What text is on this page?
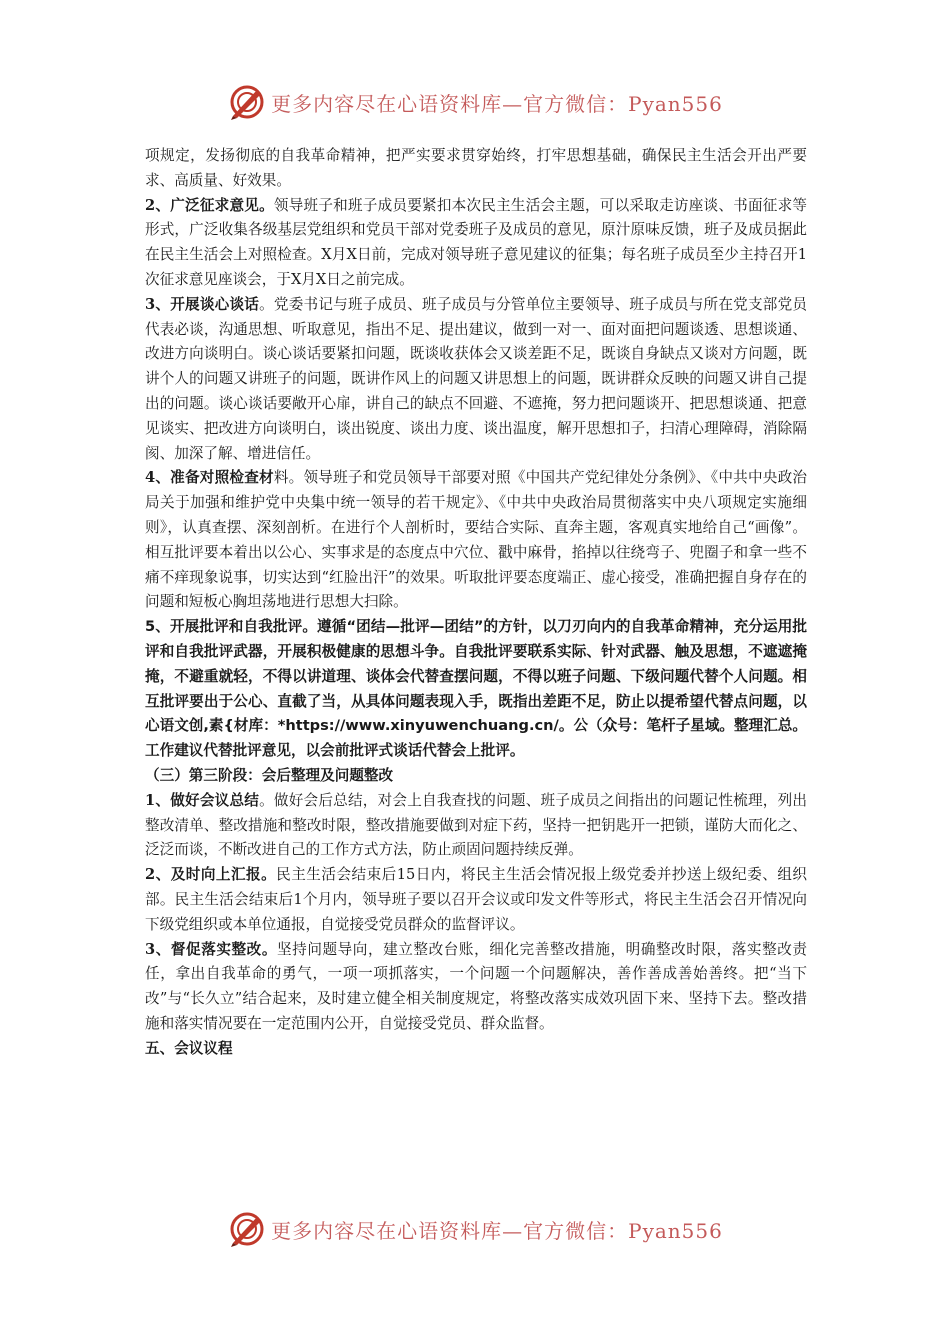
更多内容尽在心语资料库—官方微信：Pyan556

项规定，发扬彻底的自我革命精神，把严实要求贯穿始终，打牢思想基础，确保民主生活会开出严要求、高质量、好效果。

2、广泛征求意见。领导班子和班子成员要紧扣本次民主生活会主题，可以采取走访座谈、书面征求等形式，广泛收集各级基层党组织和党员干部对党委班子及成员的意见，原汁原味反馈，班子及成员据此在民主生活会上对照检查。X月X日前，完成对领导班子意见建议的征集；每名班子成员至少主持召开1次征求意见座谈会，于X月X日之前完成。

3、开展谈心谈话。党委书记与班子成员、班子成员与分管单位主要领导、班子成员与所在党支部党员代表必谈，沟通思想、听取意见，指出不足、提出建议，做到一对一、面对面把问题谈透、思想谈通、改进方向谈明白。谈心谈话要紧扣问题，既谈收获体会又谈差距不足，既谈自身缺点又谈对方问题，既讲个人的问题又讲班子的问题，既讲作风上的问题又讲思想上的问题，既讲群众反映的问题又讲自己提出的问题。谈心谈话要敞开心扉，讲自己的缺点不回避、不遮掩，努力把问题谈开、把思想谈通、把意见谈实、把改进方向谈明白，谈出锐度、谈出力度、谈出温度，解开思想扣子，扫清心理障碍，消除隔阂、加深了解、增进信任。

4、准备对照检查材料。领导班子和党员领导干部要对照《中国共产党纪律处分条例》、《中共中央政治局关于加强和维护党中央集中统一领导的若干规定》、《中共中央政治局贯彻落实中央八项规定实施细则》，认真查摆、深刻剖析。在进行个人剖析时，要结合实际、直奔主题，客观真实地给自己“画像”。相互批评要本着出以公心、实事求是的态度点中穴位、戳中麻骨，掐掉以往绕弯子、兜圈子和拿一些不痛不痒现象说事，切实达到“红脸出汗”的效果。听取批评要态度端正、虚心接受，准确把握自身存在的问题和短板心胸坦荡地进行思想大扫除。

5、开展批评和自我批评。遵循“团结—批评—团结”的方针，以刀刃向内的自我革命精神，充分运用批评和自我批评武器，开展积极健康的思想斗争。自我批评要联系实际、针对武器、触及思想，不遮遮掩掩，不避重就轻，不得以讲道理、谈体会代替查摆问题，不得以班子问题、下级问题代替个人问题。相互批评要出于公心、直截了当，从具体问题表现入手，既指出差距不足，防止以提希望代替点问题，以心语文创,素{材库：*https://www.xinyuwenchuang.cn/。公（众号：笔杆子星域。整理汇总。工作建议代替批评意见，以会前批评式谈话代替会上批评。

（三）第三阶段：会后整理及问题整改

1、做好会议总结。做好会后总结，对会上自我查找的问题、班子成员之间指出的问题记性梳理，列出整改清单、整改措施和整改时限，整改措施要做到对症下药，坚持一把钥匙开一把锁，谨防大而化之、泛泛而谈，不断改进自己的工作方式方法，防止顽固问题持续反弹。

2、及时向上汇报。民主生活会结束后15日内，将民主生活会情况报上级党委并抄送上级纪委、组织部。民主生活会结束后1个月内，领导班子要以召开会议或印发文件等形式，将民主生活会召开情况向下级党组织或本单位通报，自觉接受党员群众的监督评议。

3、督促落实整改。坚持问题导向，建立整改台账，细化完善整改措施，明确整改时限，落实整改责任，拿出自我革命的勇气，一项一项抓落实，一个问题一个问题解决，善作善成善始善终。把“当下改”与“长久立”结合起来，及时建立健全相关制度规定，将整改落实成效巩固下来、坚持下去。整改措施和落实情况要在一定范围内公开，自觉接受党员、群众监督。

五、会议议程

更多内容尽在心语资料库—官方微信：Pyan556
